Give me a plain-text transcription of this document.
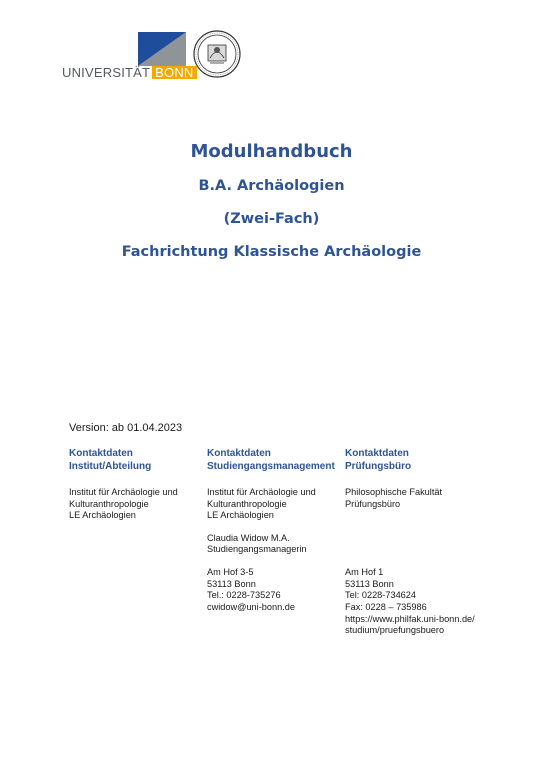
UNIVERSITÄT BONN
Modulhandbuch
B.A. Archäologien
(Zwei-Fach)
Fachrichtung Klassische Archäologie
Version: ab 01.04.2023
Kontaktdaten
Institut/Abteilung
Institut für Archäologie und
Kulturanthropologie
LE Archäologien
Kontaktdaten
Studiengangsmanagement
Institut für Archäologie und
Kulturanthropologie
LE Archäologien
Claudia Widow M.A.
Studiengangsmanagerin
Am Hof 3-5
53113 Bonn
Tel.: 0228-735276
cwidow@uni-bonn.de
Kontaktdaten
Prüfungsbüro
Philosophische Fakultät
Prüfungsbüro
Am Hof 1
53113 Bonn
Tel: 0228-734624
Fax: 0228 – 735986
https://www.philfak.uni-bonn.de/
studium/pruefungsbuero
